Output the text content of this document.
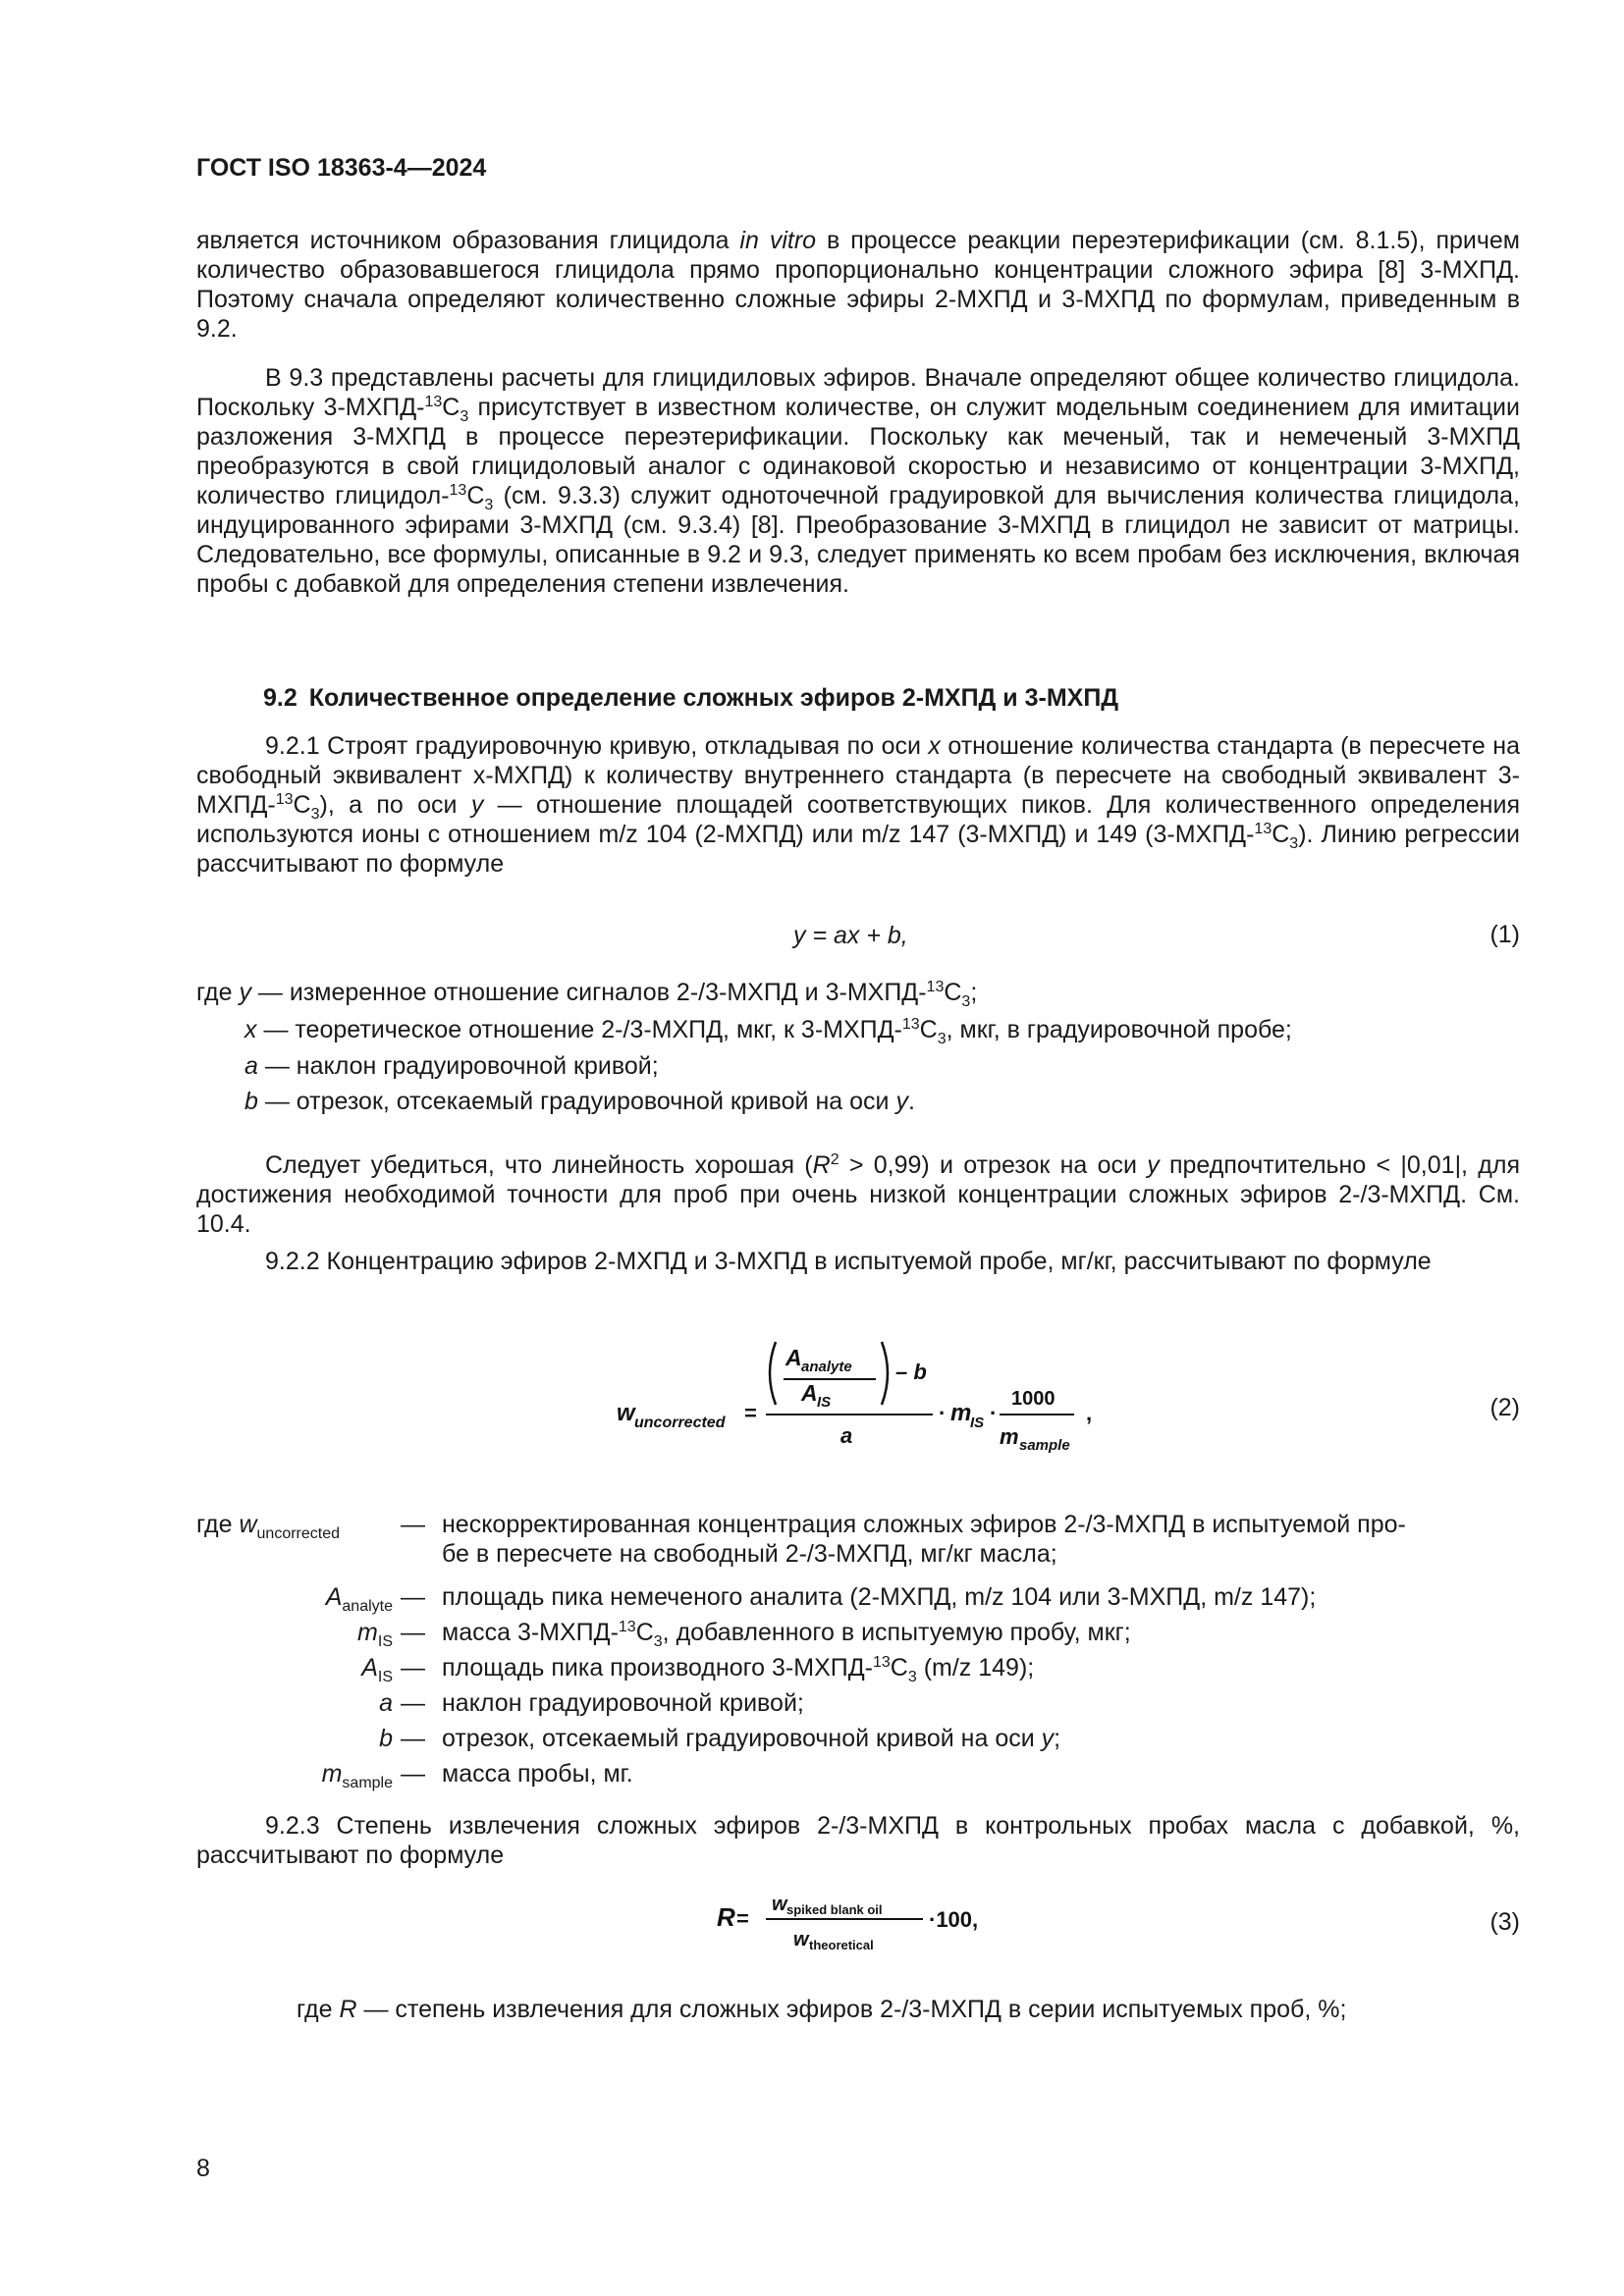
ГОСТ ISO 18363-4—2024
является источником образования глицидола in vitro в процессе реакции переэтерификации (см. 8.1.5), причем количество образовавшегося глицидола прямо пропорционально концентрации сложного эфира [8] 3-МХПД. Поэтому сначала определяют количественно сложные эфиры 2-МХПД и 3-МХПД по формулам, приведенным в 9.2.
В 9.3 представлены расчеты для глицидиловых эфиров. Вначале определяют общее количество глицидола. Поскольку $3-МХПД-^{13}C_3$ присутствует в известном количестве, он служит модельным соединением для имитации разложения 3-МХПД в процессе переэтерификации. Поскольку как меченый, так и немеченый 3-МХПД преобразуются в свой глицидоловый аналог с одинаковой скоростью и независимо от концентрации 3-МХПД, количество глицидол-$^{13}C_3$ (см. 9.3.3) служит одноточечной градуировкой для вычисления количества глицидола, индуцированного эфирами 3-МХПД (см. 9.3.4) [8]. Преобразование 3-МХПД в глицидол не зависит от матрицы. Следовательно, все формулы, описанные в 9.2 и 9.3, следует применять ко всем пробам без исключения, включая пробы с добавкой для определения степени извлечения.
9.2 Количественное определение сложных эфиров 2-МХПД и 3-МХПД
9.2.1 Строят градуировочную кривую, откладывая по оси x отношение количества стандарта (в пересчете на свободный эквивалент х-МХПД) к количеству внутреннего стандарта (в пересчете на свободный эквивалент $3-МХПД-^{13}C_3$), а по оси y — отношение площадей соответствующих пиков. Для количественного определения используются ионы с отношением m/z 104 (2-МХПД) или m/z 147 (3-МХПД) и 149 $(3-МХПД-^{13}C_3)$. Линию регрессии рассчитывают по формуле
y = ax + b,	(1)
где y — измеренное отношение сигналов 2-/3-МХПД и $3-МХПД-^{13}C_3$;
x — теоретическое отношение 2-/3-МХПД, мкг, к $3-МХПД-^{13}C_3$, мкг, в градуировочной пробе;
a — наклон градуировочной кривой;
b — отрезок, отсекаемый градуировочной кривой на оси y.
Следует убедиться, что линейность хорошая $(R^2 > 0,99)$ и отрезок на оси y предпочтительно < |0,01|, для достижения необходимой точности для проб при очень низкой концентрации сложных эфиров 2-/3-МХПД. См. 10.4.
9.2.2 Концентрацию эфиров 2-МХПД и 3-МХПД в испытуемой пробе, мг/кг, рассчитывают по формуле
w uncorrected =
A analyte
A IS
– b
a
· m
IS ·
1000
m sample
,	(2)
где $w_{uncorrected}$	— нескорректированная концентрация сложных эфиров 2-/3-МХПД в испытуемой про-
бе в пересчете на свободный 2-/3-МХПД, мг/кг масла;
$A_{analyte}$ — площадь пика немеченого аналита (2-МХПД, m/z 104 или 3-МХПД, m/z 147);
$m_{IS}$ — масса $3-МХПД-^{13}C_3$, добавленного в испытуемую пробу, мкг;
$A_{IS}$ — площадь пика производного $3-МХПД-^{13}C_3$ (m/z 149);
a — наклон градуировочной кривой;
b — отрезок, отсекаемый градуировочной кривой на оси y;
$m_{sample}$ — масса пробы, мг.
9.2.3 Степень извлечения сложных эфиров 2-/3-МХПД в контрольных пробах масла с добавкой, %, рассчитывают по формуле
R =
w spiked blank oil
w theoretical
·100,	(3)
где R — степень извлечения для сложных эфиров 2-/3-МХПД в серии испытуемых проб, %;
8
